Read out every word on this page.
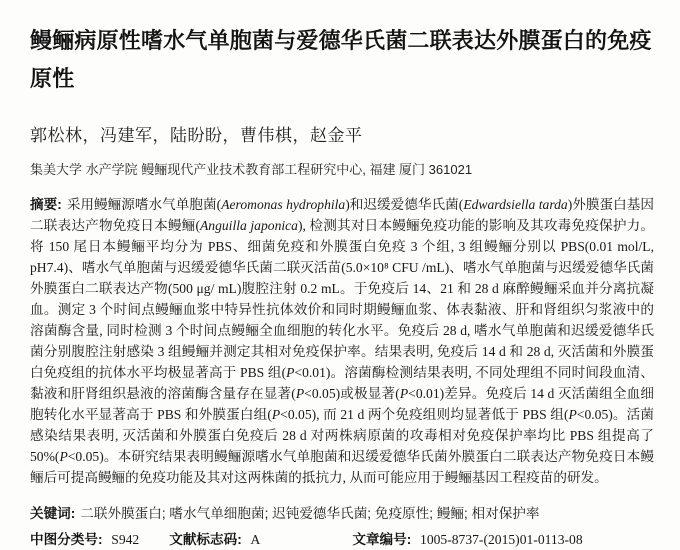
鳗鲡病原性嗜水气单胞菌与爱德华氏菌二联表达外膜蛋白的免疫原性

郭松林，冯建军，陆盼盼，曹伟棋，赵金平

集美大学 水产学院 鳗鲡现代产业技术教育部工程研究中心, 福建 厦门 361021

摘要: 采用鳗鲡源嗜水气单胞菌(Aeromonas hydrophila)和迟缓爱德华氏菌(Edwardsiella tarda)外膜蛋白基因二联表达产物免疫日本鳗鲡(Anguilla japonica), 检测其对日本鳗鲡免疫功能的影响及其攻毒免疫保护力。将 150 尾日本鳗鲡平均分为 PBS、细菌免疫和外膜蛋白免疫 3 个组, 3 组鳗鲡分别以 PBS(0.01 mol/L, pH7.4)、嗜水气单胞菌与迟缓爱德华氏菌二联灭活苗(5.0×10⁸ CFU /mL)、嗜水气单胞菌与迟缓爱德华氏菌外膜蛋白二联表达产物(500 μg/ mL)腹腔注射 0.2 mL。于免疫后 14、21 和 28 d 麻醉鳗鲡采血并分离抗凝血。测定 3 个时间点鳗鲡血浆中特异性抗体效价和同时期鳗鲡血浆、体表黏液、肝和肾组织匀浆液中的溶菌酶含量, 同时检测 3 个时间点鳗鲡全血细胞的转化水平。免疫后 28 d, 嗜水气单胞菌和迟缓爱德华氏菌分别腹腔注射感染 3 组鳗鲡并测定其相对免疫保护率。结果表明, 免疫后 14 d 和 28 d, 灭活菌和外膜蛋白免疫组的抗体水平均极显著高于 PBS 组(P<0.01)。溶菌酶检测结果表明, 不同处理组不同时间段血清、黏液和肝肾组织悬液的溶菌酶含量存在显著(P<0.05)或极显著(P<0.01)差异。免疫后 14 d 灭活菌组全血细胞转化水平显著高于 PBS 和外膜蛋白组(P<0.05), 而 21 d 两个免疫组则均显著低于 PBS 组(P<0.05)。活菌感染结果表明, 灭活菌和外膜蛋白免疫后 28 d 对两株病原菌的攻毒相对免疫保护率均比 PBS 组提高了 50%(P<0.05)。本研究结果表明鳗鲡源嗜水气单胞菌和迟缓爱德华氏菌外膜蛋白二联表达产物免疫日本鳗鲡后可提高鳗鲡的免疫功能及其对这两株菌的抵抗力, 从而可能应用于鳗鲡基因工程疫苗的研发。

关键词: 二联外膜蛋白; 嗜水气单细胞菌; 迟钝爱德华氏菌; 免疫原性; 鳗鲡; 相对保护率

中图分类号: S942 文献标志码: A	文章编号: 1005-8737-(2015)01-0113-08
